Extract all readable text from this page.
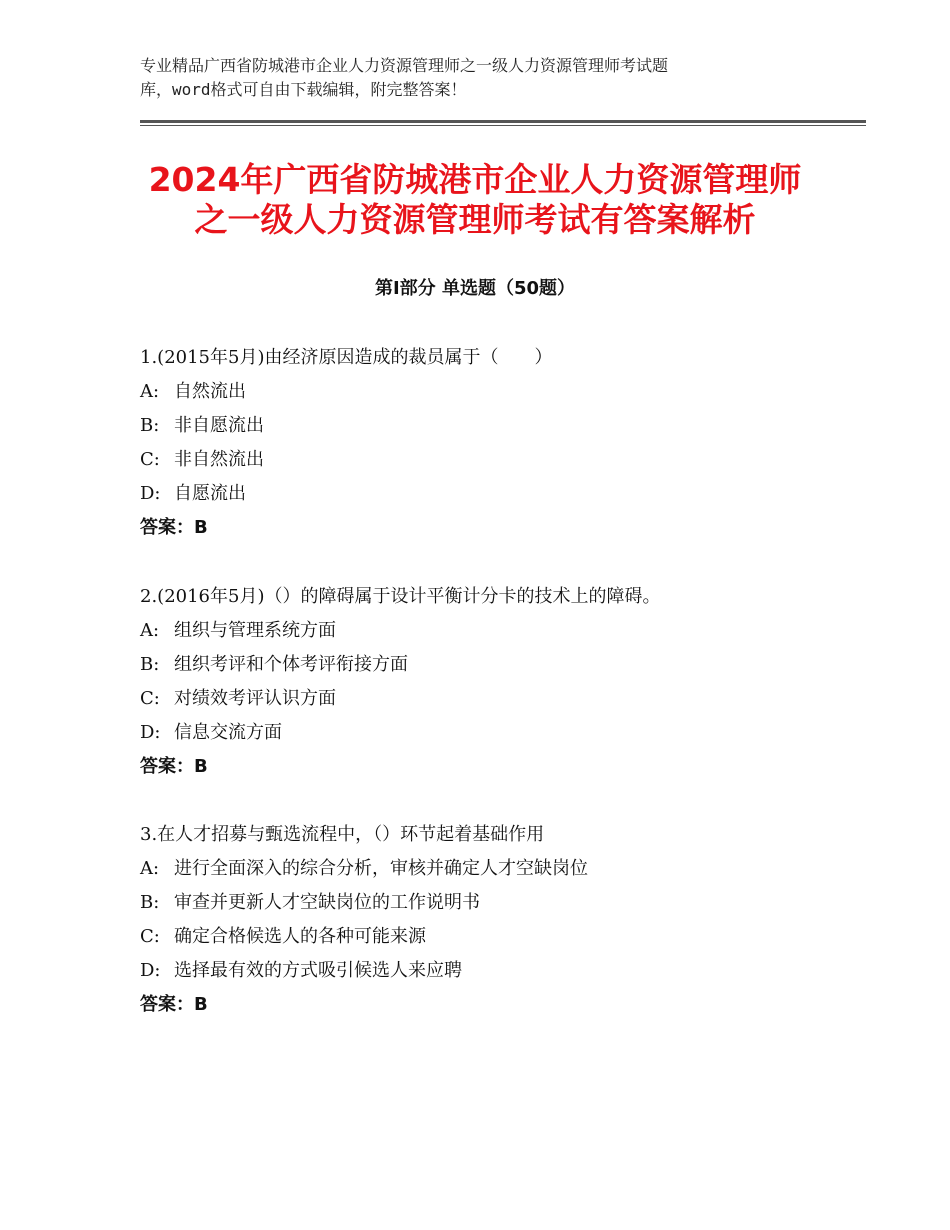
专业精品广西省防城港市企业人力资源管理师之一级人力资源管理师考试题

库，word格式可自由下载编辑，附完整答案！

2024年广西省防城港市企业人力资源管理师
之一级人力资源管理师考试有答案解析
第Ⅰ部分 单选题（50题）

1.(2015年5月)由经济原因造成的裁员属于（　　）

A: 自然流出

B: 非自愿流出

C: 非自然流出

D: 自愿流出

答案：B

2.(2016年5月)（）的障碍属于设计平衡计分卡的技术上的障碍。

A: 组织与管理系统方面

B: 组织考评和个体考评衔接方面

C: 对绩效考评认识方面

D: 信息交流方面

答案：B

3.在人才招募与甄选流程中，（）环节起着基础作用

A: 进行全面深入的综合分析，审核并确定人才空缺岗位

B: 审查并更新人才空缺岗位的工作说明书

C: 确定合格候选人的各种可能来源

D: 选择最有效的方式吸引候选人来应聘

答案：B
